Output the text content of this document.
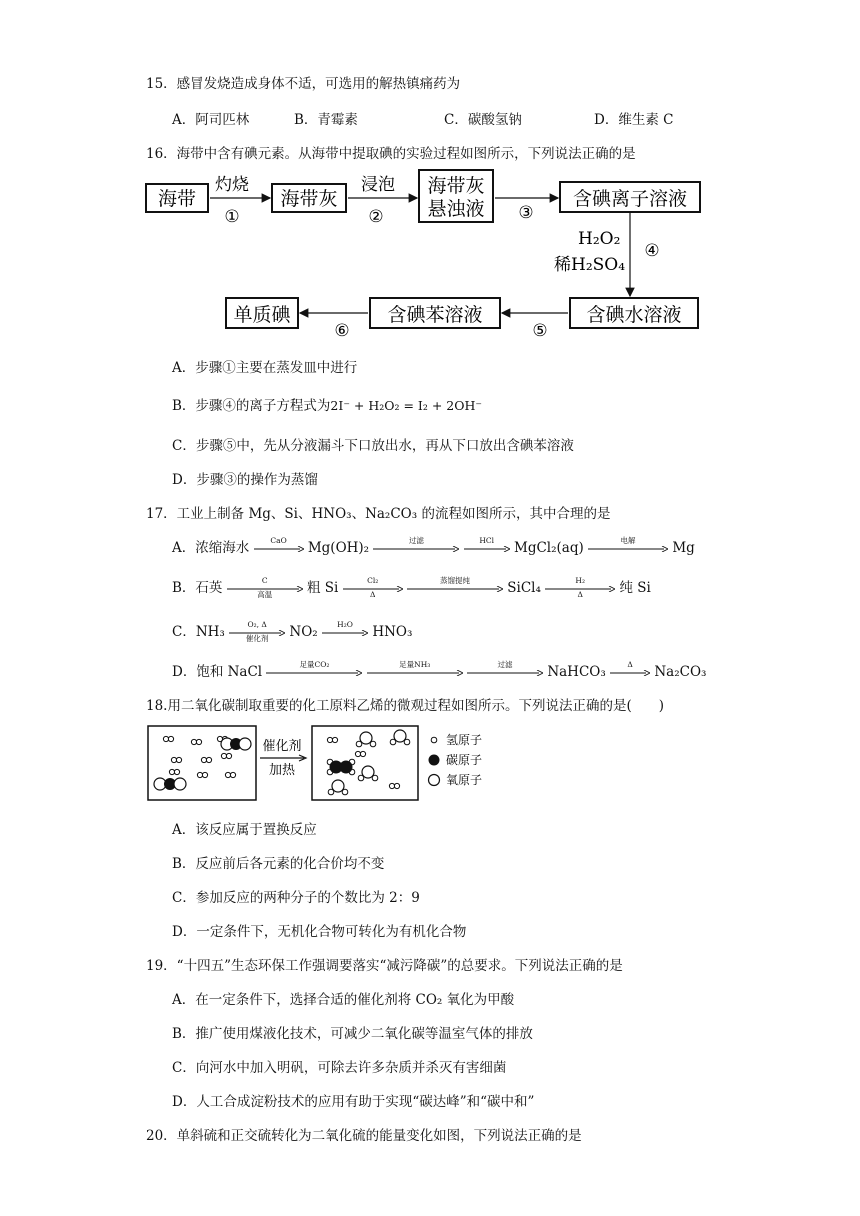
15．感冒发烧造成身体不适，可选用的解热镇痛药为
A．阿司匹林	B．青霉素	C．碳酸氢钠	D．维生素 C
16．海带中含有碘元素。从海带中提取碘的实验过程如图所示，下列说法正确的是
海带	海带灰
海带灰
悬浊液	含碘离子溶液
灼烧
①
浸泡
②	③
H₂O₂
稀H₂SO₄
④
含碘水溶液
含碘苯溶液
单质碘
⑤
⑥
A．步骤①主要在蒸发皿中进行
B．步骤④的离子方程式为2I⁻ + H₂O₂ = I₂ + 2OH⁻
C．步骤⑤中，先从分液漏斗下口放出水，再从下口放出含碘苯溶液
D．步骤③的操作为蒸馏
17．工业上制备 Mg、Si、HNO₃、Na₂CO₃ 的流程如图所示，其中合理的是
A．浓缩海水	CaO	Mg(OH)₂	过滤
	HCl	MgCl₂(aq)	电解	Mg
B．石英	C
高温	粗 Si	Cl₂
Δ

蒸馏提纯	SiCl₄	H₂
Δ	纯 Si
C．NH₃	O₂, Δ
催化剂	NO₂	H₂O	HNO₃
D．饱和 NaCl	足量CO₂
	足量NH₃
	过滤	NaHCO₃	Δ	Na₂CO₃
18.用二氧化碳制取重要的化工原料乙烯的微观过程如图所示。下列说法正确的是(　　)
催化剂
加热
氢原子
碳原子
氧原子
A．该反应属于置换反应
B．反应前后各元素的化合价均不变
C．参加反应的两种分子的个数比为 2：9
D．一定条件下，无机化合物可转化为有机化合物
19．“十四五”生态环保工作强调要落实“减污降碳”的总要求。下列说法正确的是
A．在一定条件下，选择合适的催化剂将 CO₂ 氧化为甲酸
B．推广使用煤液化技术，可减少二氧化碳等温室气体的排放
C．向河水中加入明矾，可除去许多杂质并杀灭有害细菌
D．人工合成淀粉技术的应用有助于实现“碳达峰”和“碳中和”
20．单斜硫和正交硫转化为二氧化硫的能量变化如图，下列说法正确的是
